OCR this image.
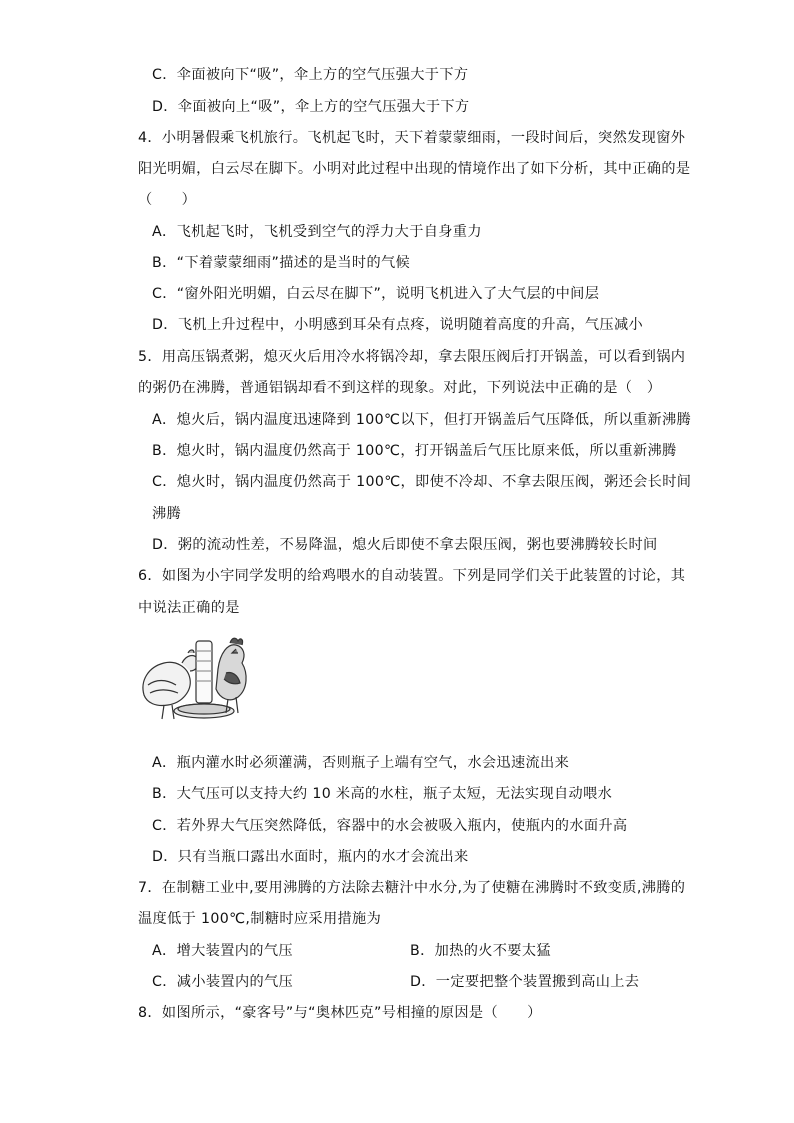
C．伞面被向下“吸”，伞上方的空气压强大于下方
D．伞面被向上“吸”，伞上方的空气压强大于下方
4．小明暑假乘飞机旅行。飞机起飞时，天下着蒙蒙细雨，一段时间后，突然发现窗外
阳光明媚，白云尽在脚下。小明对此过程中出现的情境作出了如下分析，其中正确的是
（　　）
A．飞机起飞时，飞机受到空气的浮力大于自身重力
B．“下着蒙蒙细雨”描述的是当时的气候
C．“窗外阳光明媚，白云尽在脚下”，说明飞机进入了大气层的中间层
D．飞机上升过程中，小明感到耳朵有点疼，说明随着高度的升高，气压减小
5．用高压锅煮粥，熄灭火后用冷水将锅冷却，拿去限压阀后打开锅盖，可以看到锅内
的粥仍在沸腾，普通铝锅却看不到这样的现象。对此，下列说法中正确的是（　）
A．熄火后，锅内温度迅速降到 100℃以下，但打开锅盖后气压降低，所以重新沸腾
B．熄火时，锅内温度仍然高于 100℃，打开锅盖后气压比原来低，所以重新沸腾
C．熄火时，锅内温度仍然高于 100℃，即使不冷却、不拿去限压阀，粥还会长时间
沸腾
D．粥的流动性差，不易降温，熄火后即使不拿去限压阀，粥也要沸腾较长时间
6．如图为小宇同学发明的给鸡喂水的自动装置。下列是同学们关于此装置的讨论，其
中说法正确的是
A．瓶内灌水时必须灌满，否则瓶子上端有空气，水会迅速流出来
B．大气压可以支持大约 10 米高的水柱，瓶子太短，无法实现自动喂水
C．若外界大气压突然降低，容器中的水会被吸入瓶内，使瓶内的水面升高
D．只有当瓶口露出水面时，瓶内的水才会流出来
7．在制糖工业中,要用沸腾的方法除去糖汁中水分,为了使糖在沸腾时不致变质,沸腾的
温度低于 100℃,制糖时应采用措施为
A．增大装置内的气压	B．加热的火不要太猛
C．减小装置内的气压	D．一定要把整个装置搬到高山上去
8．如图所示，“豪客号”与“奥林匹克”号相撞的原因是（　　）
